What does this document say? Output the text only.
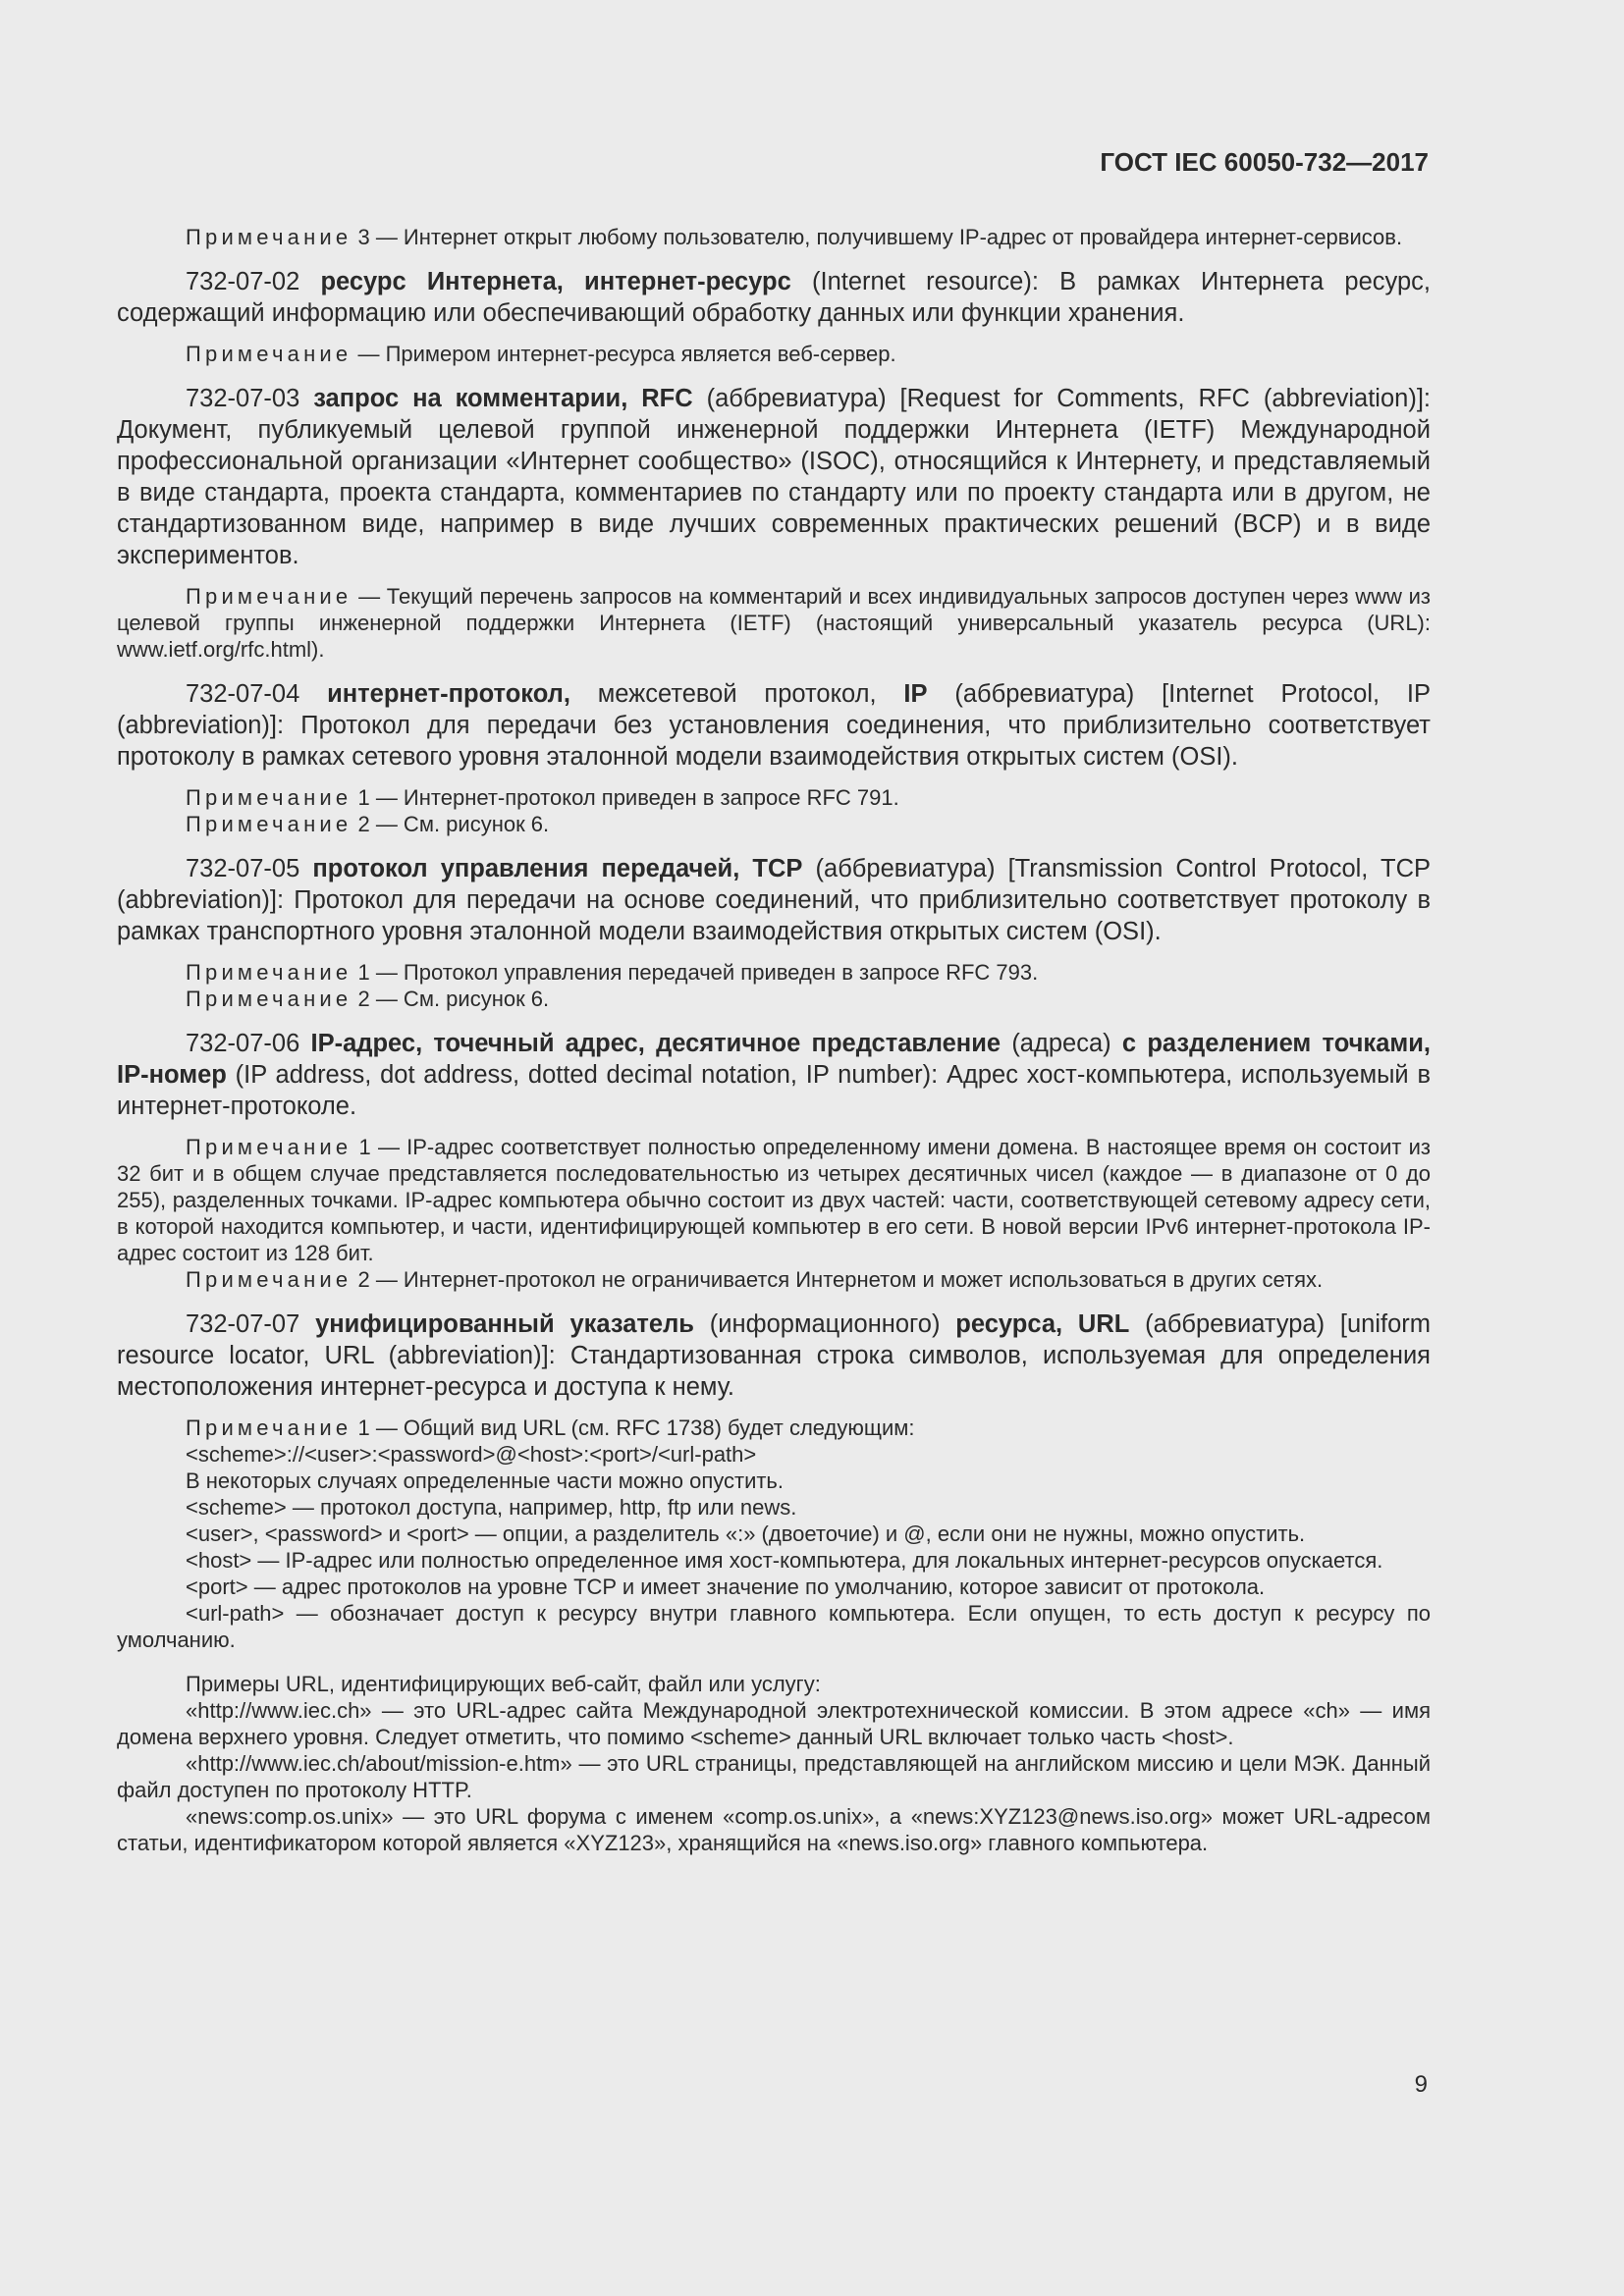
ГОСТ IEC 60050-732—2017

Примечание 3 — Интернет открыт любому пользователю, получившему IP-адрес от провайдера интернет-сервисов.

732-07-02 ресурс Интернета, интернет-ресурс (Internet resource): В рамках Интернета ресурс, содержащий информацию или обеспечивающий обработку данных или функции хранения.

Примечание — Примером интернет-ресурса является веб-сервер.

732-07-03 запрос на комментарии, RFC (аббревиатура) [Request for Comments, RFC (abbreviation)]: Документ, публикуемый целевой группой инженерной поддержки Интернета (IETF) Международной профессиональной организации «Интернет сообщество» (ISOC), относящийся к Интернету, и представляемый в виде стандарта, проекта стандарта, комментариев по стандарту или по проекту стандарта или в другом, не стандартизованном виде, например в виде лучших современных практических решений (BCP) и в виде экспериментов.

Примечание — Текущий перечень запросов на комментарий и всех индивидуальных запросов доступен через www из целевой группы инженерной поддержки Интернета (IETF) (настоящий универсальный указатель ресурса (URL): www.ietf.org/rfc.html).

732-07-04 интернет-протокол, межсетевой протокол, IP (аббревиатура) [Internet Protocol, IP (abbreviation)]: Протокол для передачи без установления соединения, что приблизительно соответствует протоколу в рамках сетевого уровня эталонной модели взаимодействия открытых систем (OSI).

Примечание 1 — Интернет-протокол приведен в запросе RFC 791.

Примечание 2 — См. рисунок 6.

732-07-05 протокол управления передачей, TCP (аббревиатура) [Transmission Control Protocol, TCP (abbreviation)]: Протокол для передачи на основе соединений, что приблизительно соответствует протоколу в рамках транспортного уровня эталонной модели взаимодействия открытых систем (OSI).

Примечание 1 — Протокол управления передачей приведен в запросе RFC 793.

Примечание 2 — См. рисунок 6.

732-07-06 IP-адрес, точечный адрес, десятичное представление (адреса) с разделением точками, IP-номер (IP address, dot address, dotted decimal notation, IP number): Адрес хост-компьютера, используемый в интернет-протоколе.

Примечание 1 — IP-адрес соответствует полностью определенному имени домена. В настоящее время он состоит из 32 бит и в общем случае представляется последовательностью из четырех десятичных чисел (каждое — в диапазоне от 0 до 255), разделенных точками. IP-адрес компьютера обычно состоит из двух частей: части, соответствующей сетевому адресу сети, в которой находится компьютер, и части, идентифицирующей компьютер в его сети. В новой версии IPv6 интернет-протокола IP-адрес состоит из 128 бит.

Примечание 2 — Интернет-протокол не ограничивается Интернетом и может использоваться в других сетях.

732-07-07 унифицированный указатель (информационного) ресурса, URL (аббревиатура) [uniform resource locator, URL (abbreviation)]: Стандартизованная строка символов, используемая для определения местоположения интернет-ресурса и доступа к нему.

Примечание 1 — Общий вид URL (см. RFC 1738) будет следующим:

<scheme>://<user>:<password>@<host>:<port>/<url-path>

В некоторых случаях определенные части можно опустить.

<scheme> — протокол доступа, например, http, ftp или news.

<user>, <password> и <port> — опции, а разделитель «:» (двоеточие) и @, если они не нужны, можно опустить.

<host> — IP-адрес или полностью определенное имя хост-компьютера, для локальных интернет-ресурсов опускается.

<port> — адрес протоколов на уровне TCP и имеет значение по умолчанию, которое зависит от протокола.

<url-path> — обозначает доступ к ресурсу внутри главного компьютера. Если опущен, то есть доступ к ресурсу по умолчанию.

Примеры URL, идентифицирующих веб-сайт, файл или услугу:

«http://www.iec.ch» — это URL-адрес сайта Международной электротехнической комиссии. В этом адресе «ch» — имя домена верхнего уровня. Следует отметить, что помимо <scheme> данный URL включает только часть <host>.

«http://www.iec.ch/about/mission-e.htm» — это URL страницы, представляющей на английском миссию и цели МЭК. Данный файл доступен по протоколу HTTP.

«news:comp.os.unix» — это URL форума с именем «comp.os.unix», а «news:XYZ123@news.iso.org» может URL-адресом статьи, идентификатором которой является «XYZ123», хранящийся на «news.iso.org» главного компьютера.

9
